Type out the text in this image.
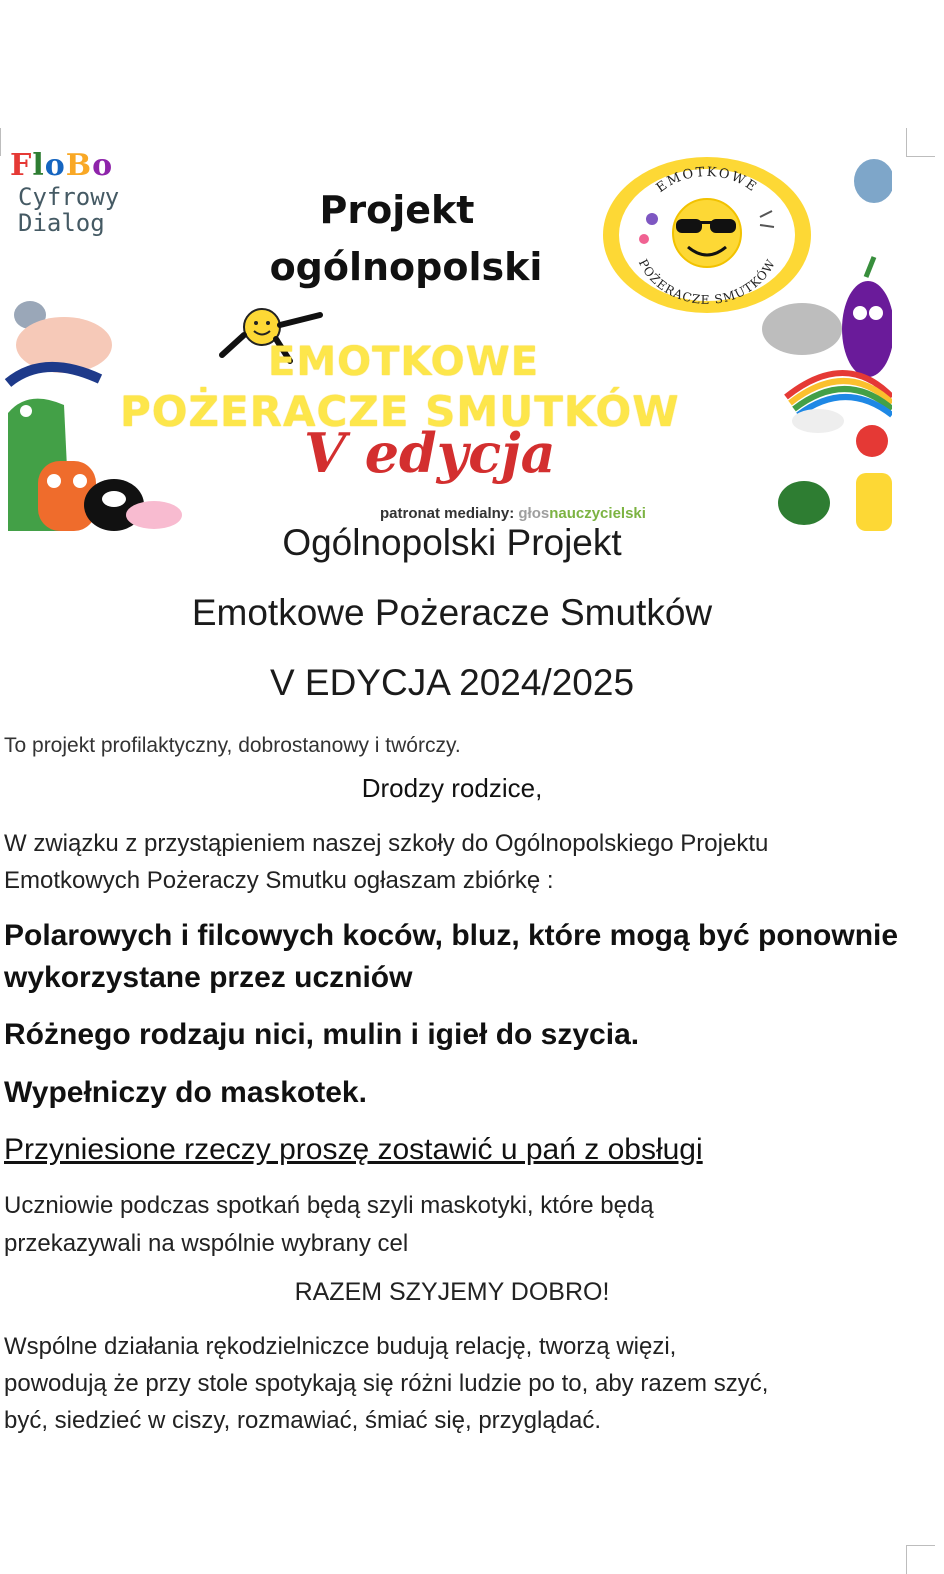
FloBo
Cyfrowy
Dialog	Projekt
ogólnopolski
EMOTKOWE
POŻERACZE SMUTKÓW
EMOTKOWE
POŻERACZE SMUTKÓW
V edycja
patronat medialny: głosnauczycielski
Ogólnopolski Projekt
Emotkowe Pożeracze Smutków
V EDYCJA 2024/2025
To projekt profilaktyczny, dobrostanowy i twórczy.
Drodzy rodzice,
W związku z przystąpieniem naszej szkoły do Ogólnopolskiego Projektu
Emotkowych Pożeraczy Smutku ogłaszam zbiórkę :
Polarowych i filcowych koców, bluz, które mogą być ponownie
wykorzystane przez uczniów
Różnego rodzaju nici, mulin i igieł do szycia.
Wypełniczy do maskotek.
Przyniesione rzeczy proszę zostawić u pań z obsługi
Uczniowie podczas spotkań będą szyli maskotyki, które będą
przekazywali na wspólnie wybrany cel
RAZEM SZYJEMY DOBRO!
Wspólne działania rękodzielniczce budują relację, tworzą więzi,
powodują że przy stole spotykają się różni ludzie po to, aby razem szyć,
być, siedzieć w ciszy, rozmawiać, śmiać się, przyglądać.
